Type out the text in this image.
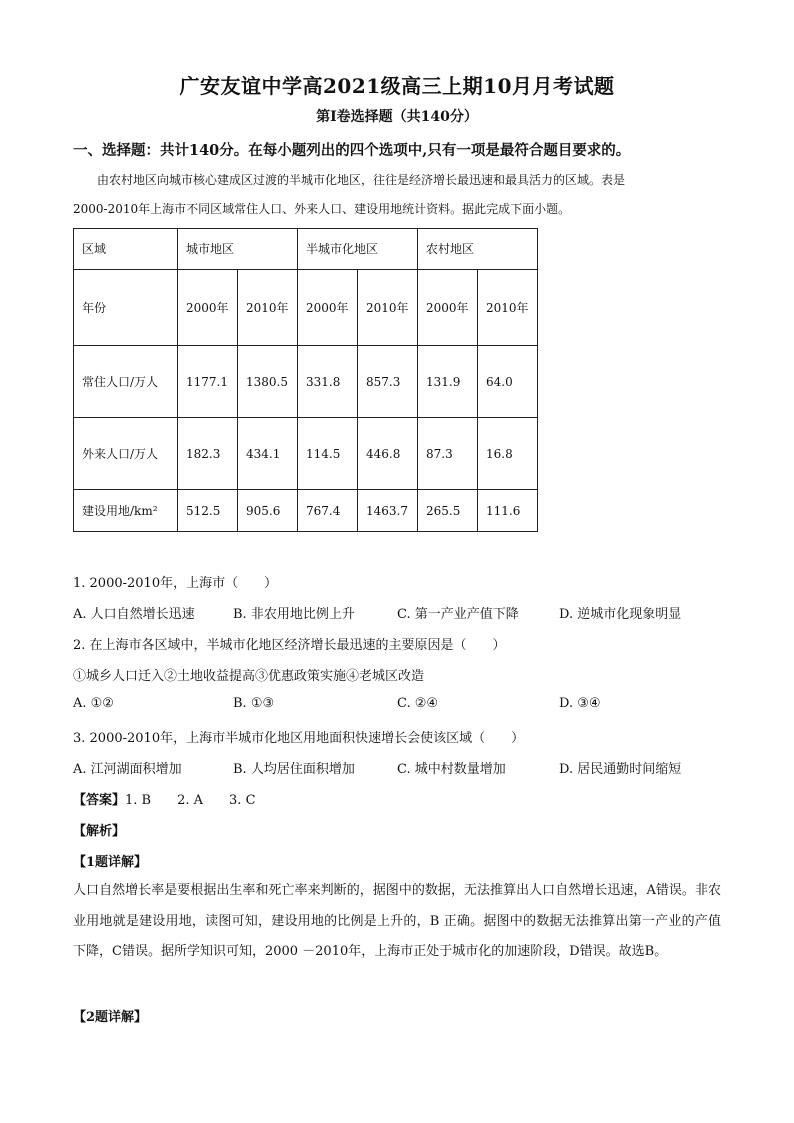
广安友谊中学高2021级高三上期10月月考试题
第Ⅰ卷选择题（共140分）
一、选择题：共计140分。在每小题列出的四个选项中,只有一项是最符合题目要求的。

由农村地区向城市核心建成区过渡的半城市化地区，往往是经济增长最迅速和最具活力的区域。表是

2000-2010年上海市不同区域常住人口、外来人口、建设用地统计资料。据此完成下面小题。

区域	城市地区		半城市化地区		农村地区	
年份	2000年	2010年	2000年	2010年	2000年	2010年
常住人口/万人	1177.1	1380.5	331.8	857.3	131.9	64.0
外来人口/万人	182.3	434.1	114.5	446.8	87.3	16.8
建设用地/km²	512.5	905.6	767.4	1463.7	265.5	111.6
1. 2000-2010年，上海市（　　）
A. 人口自然增长迅速	B. 非农用地比例上升	C. 第一产业产值下降	D. 逆城市化现象明显
2. 在上海市各区域中，半城市化地区经济增长最迅速的主要原因是（　　）
①城乡人口迁入②土地收益提高③优惠政策实施④老城区改造
A. ①②	B. ①③	C. ②④	D. ③④
3. 2000-2010年，上海市半城市化地区用地面积快速增长会使该区域（　　）
A. 江河湖面积增加	B. 人均居住面积增加	C. 城中村数量增加	D. 居民通勤时间缩短
【答案】1. B　　2. A　　3. C
【解析】
【1题详解】

人口自然增长率是要根据出生率和死亡率来判断的，据图中的数据，无法推算出人口自然增长迅速，A错误。非农业用地就是建设用地，读图可知，建设用地的比例是上升的，B 正确。据图中的数据无法推算出第一产业的产值下降，C错误。据所学知识可知，2000 －2010年，上海市正处于城市化的加速阶段，D错误。故选B。

【2题详解】
